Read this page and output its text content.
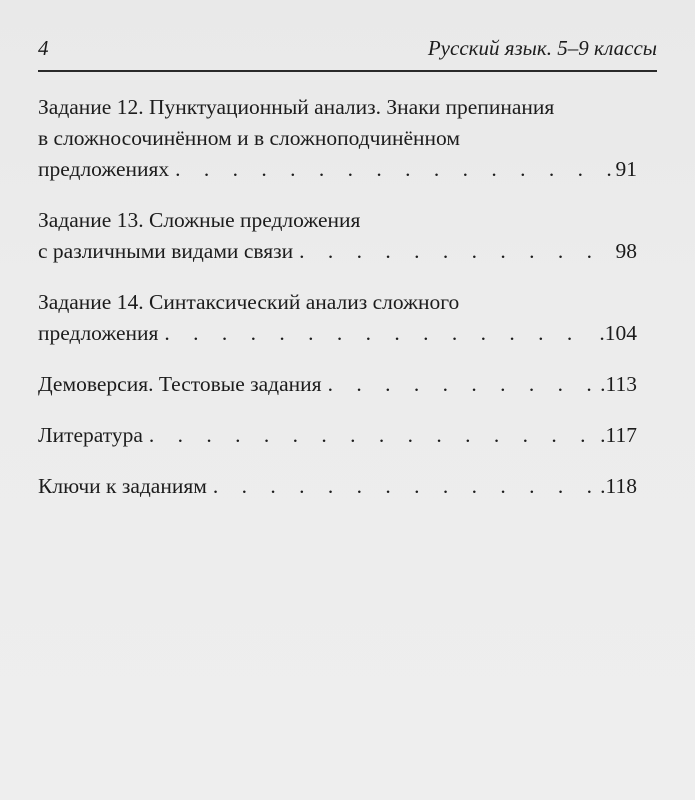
4	Русский язык. 5–9 классы
Задание 12. Пунктуационный анализ. Знаки препинания
в сложносочинённом и в сложноподчинённом
предложениях . . .	91
Задание 13. Сложные предложения
с различными видами связи . . .	98
Задание 14. Синтаксический анализ сложного
предложения . . .	.104
Демоверсия. Тестовые задания . . .	.113
Литература . . .	.117
Ключи к заданиям . . .	.118
